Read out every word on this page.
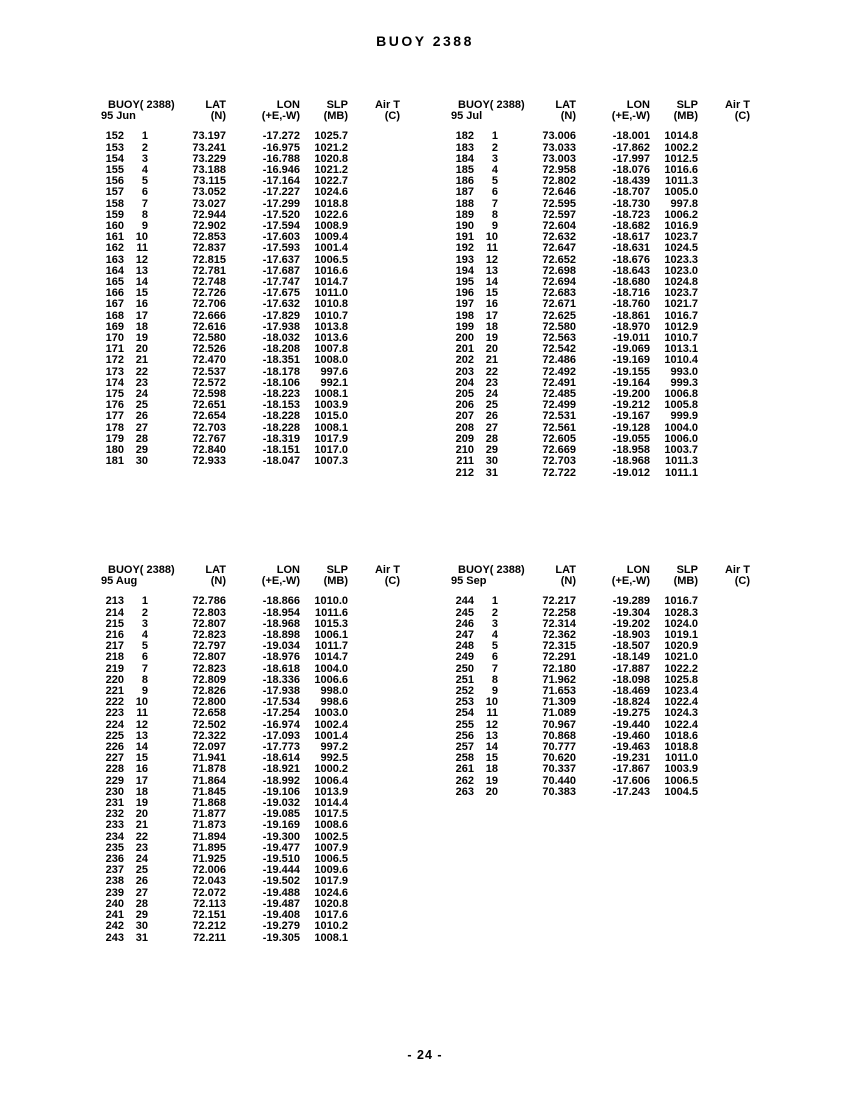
BUOY 2388
BUOY( 2388)	LAT	LON	SLP	Air T
95 Jun	(N)	(+E,-W)	(MB)	(C)
152	1	73.197	-17.272	1025.7
153	2	73.241	-16.975	1021.2
154	3	73.229	-16.788	1020.8
155	4	73.188	-16.946	1021.2
156	5	73.115	-17.164	1022.7
157	6	73.052	-17.227	1024.6
158	7	73.027	-17.299	1018.8
159	8	72.944	-17.520	1022.6
160	9	72.902	-17.594	1008.9
161	10	72.853	-17.603	1009.4
162	11	72.837	-17.593	1001.4
163	12	72.815	-17.637	1006.5
164	13	72.781	-17.687	1016.6
165	14	72.748	-17.747	1014.7
166	15	72.726	-17.675	1011.0
167	16	72.706	-17.632	1010.8
168	17	72.666	-17.829	1010.7
169	18	72.616	-17.938	1013.8
170	19	72.580	-18.032	1013.6
171	20	72.526	-18.208	1007.8
172	21	72.470	-18.351	1008.0
173	22	72.537	-18.178	997.6
174	23	72.572	-18.106	992.1
175	24	72.598	-18.223	1008.1
176	25	72.651	-18.153	1003.9
177	26	72.654	-18.228	1015.0
178	27	72.703	-18.228	1008.1
179	28	72.767	-18.319	1017.9
180	29	72.840	-18.151	1017.0
181	30	72.933	-18.047	1007.3
BUOY( 2388)	LAT	LON	SLP	Air T
95 Jul	(N)	(+E,-W)	(MB)	(C)
182	1	73.006	-18.001	1014.8
183	2	73.033	-17.862	1002.2
184	3	73.003	-17.997	1012.5
185	4	72.958	-18.076	1016.6
186	5	72.802	-18.439	1011.3
187	6	72.646	-18.707	1005.0
188	7	72.595	-18.730	997.8
189	8	72.597	-18.723	1006.2
190	9	72.604	-18.682	1016.9
191	10	72.632	-18.617	1023.7
192	11	72.647	-18.631	1024.5
193	12	72.652	-18.676	1023.3
194	13	72.698	-18.643	1023.0
195	14	72.694	-18.680	1024.8
196	15	72.683	-18.716	1023.7
197	16	72.671	-18.760	1021.7
198	17	72.625	-18.861	1016.7
199	18	72.580	-18.970	1012.9
200	19	72.563	-19.011	1010.7
201	20	72.542	-19.069	1013.1
202	21	72.486	-19.169	1010.4
203	22	72.492	-19.155	993.0
204	23	72.491	-19.164	999.3
205	24	72.485	-19.200	1006.8
206	25	72.499	-19.212	1005.8
207	26	72.531	-19.167	999.9
208	27	72.561	-19.128	1004.0
209	28	72.605	-19.055	1006.0
210	29	72.669	-18.958	1003.7
211	30	72.703	-18.968	1011.3
212	31	72.722	-19.012	1011.1
BUOY( 2388)	LAT	LON	SLP	Air T
95 Aug	(N)	(+E,-W)	(MB)	(C)
213	1	72.786	-18.866	1010.0
214	2	72.803	-18.954	1011.6
215	3	72.807	-18.968	1015.3
216	4	72.823	-18.898	1006.1
217	5	72.797	-19.034	1011.7
218	6	72.807	-18.976	1014.7
219	7	72.823	-18.618	1004.0
220	8	72.809	-18.336	1006.6
221	9	72.826	-17.938	998.0
222	10	72.800	-17.534	998.6
223	11	72.658	-17.254	1003.0
224	12	72.502	-16.974	1002.4
225	13	72.322	-17.093	1001.4
226	14	72.097	-17.773	997.2
227	15	71.941	-18.614	992.5
228	16	71.878	-18.921	1000.2
229	17	71.864	-18.992	1006.4
230	18	71.845	-19.106	1013.9
231	19	71.868	-19.032	1014.4
232	20	71.877	-19.085	1017.5
233	21	71.873	-19.169	1008.6
234	22	71.894	-19.300	1002.5
235	23	71.895	-19.477	1007.9
236	24	71.925	-19.510	1006.5
237	25	72.006	-19.444	1009.6
238	26	72.043	-19.502	1017.9
239	27	72.072	-19.488	1024.6
240	28	72.113	-19.487	1020.8
241	29	72.151	-19.408	1017.6
242	30	72.212	-19.279	1010.2
243	31	72.211	-19.305	1008.1
BUOY( 2388)	LAT	LON	SLP	Air T
95 Sep	(N)	(+E,-W)	(MB)	(C)
244	1	72.217	-19.289	1016.7
245	2	72.258	-19.304	1028.3
246	3	72.314	-19.202	1024.0
247	4	72.362	-18.903	1019.1
248	5	72.315	-18.507	1020.9
249	6	72.291	-18.149	1021.0
250	7	72.180	-17.887	1022.2
251	8	71.962	-18.098	1025.8
252	9	71.653	-18.469	1023.4
253	10	71.309	-18.824	1022.4
254	11	71.089	-19.275	1024.3
255	12	70.967	-19.440	1022.4
256	13	70.868	-19.460	1018.6
257	14	70.777	-19.463	1018.8
258	15	70.620	-19.231	1011.0
261	18	70.337	-17.867	1003.9
262	19	70.440	-17.606	1006.5
263	20	70.383	-17.243	1004.5
- 24 -
